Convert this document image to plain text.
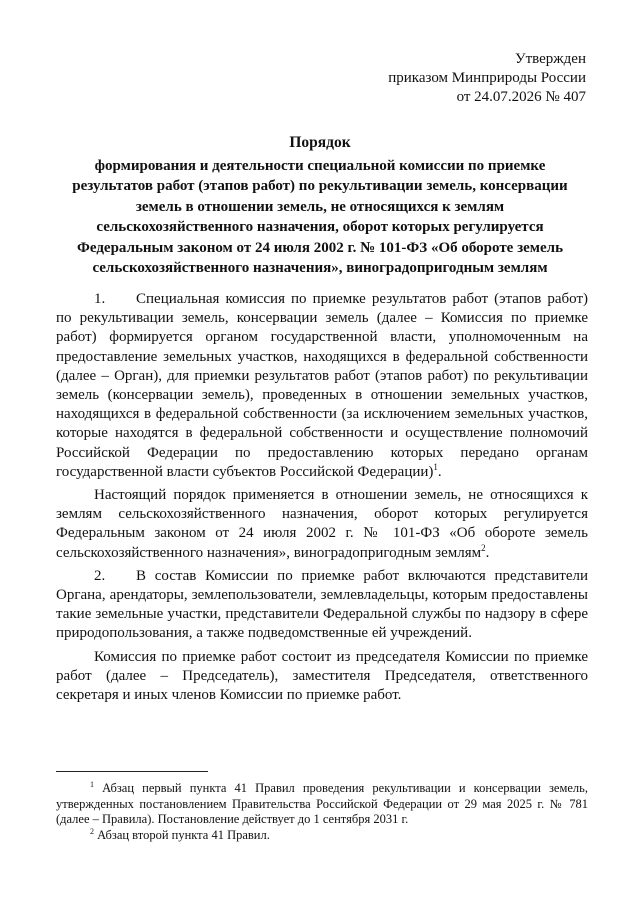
Утвержден
приказом Минприроды России
от 24.07.2026 № 407
Порядок
формирования и деятельности специальной комиссии по приемке результатов работ (этапов работ) по рекультивации земель, консервации земель в отношении земель, не относящихся к землям сельскохозяйственного назначения, оборот которых регулируется Федеральным законом от 24 июля 2002 г. № 101-ФЗ «Об обороте земель сельскохозяйственного назначения», виноградопригодным землям

1. Специальная комиссия по приемке результатов работ (этапов работ) по рекультивации земель, консервации земель (далее – Комиссия по приемке работ) формируется органом государственной власти, уполномоченным на предоставление земельных участков, находящихся в федеральной собственности (далее – Орган), для приемки результатов работ (этапов работ) по рекультивации земель (консервации земель), проведенных в отношении земельных участков, находящихся в федеральной собственности (за исключением земельных участков, которые находятся в федеральной собственности и осуществление полномочий Российской Федерации по предоставлению которых передано органам государственной власти субъектов Российской Федерации)$^1$.

Настоящий порядок применяется в отношении земель, не относящихся к землям сельскохозяйственного назначения, оборот которых регулируется Федеральным законом от 24 июля 2002 г. № 101-ФЗ «Об обороте земель сельскохозяйственного назначения», виноградопригодным землям$^2$.

2. В состав Комиссии по приемке работ включаются представители Органа, арендаторы, землепользователи, землевладельцы, которым предоставлены такие земельные участки, представители Федеральной службы по надзору в сфере природопользования, а также подведомственные ей учреждений.

Комиссия по приемке работ состоит из председателя Комиссии по приемке работ (далее – Председатель), заместителя Председателя, ответственного секретаря и иных членов Комиссии по приемке работ.

$^1$ Абзац первый пункта 41 Правил проведения рекультивации и консервации земель, утвержденных постановлением Правительства Российской Федерации от 29 мая 2025 г. № 781 (далее – Правила). Постановление действует до 1 сентября 2031 г.

$^2$ Абзац второй пункта 41 Правил.
